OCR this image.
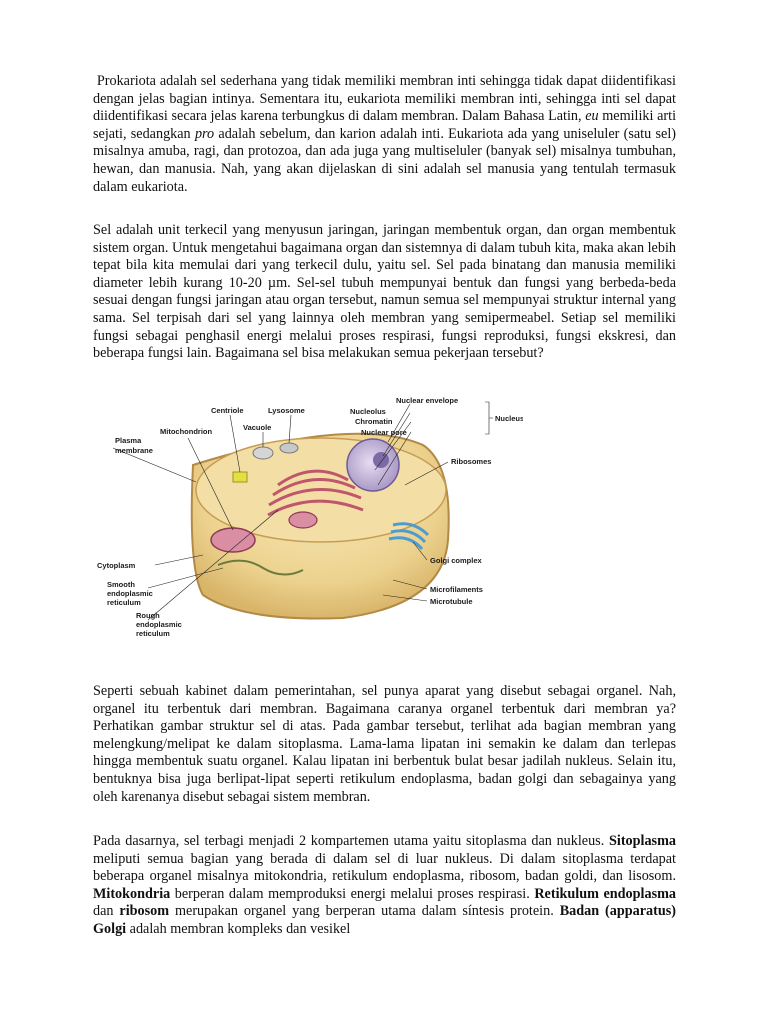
Prokariota adalah sel sederhana yang tidak memiliki membran inti sehingga tidak dapat diidentifikasi dengan jelas bagian intinya. Sementara itu, eukariota memiliki membran inti, sehingga inti sel dapat diidentifikasi secara jelas karena terbungkus di dalam membran. Dalam Bahasa Latin, eu memiliki arti sejati, sedangkan pro adalah sebelum, dan karion adalah inti. Eukariota ada yang uniseluler (satu sel) misalnya amuba, ragi, dan protozoa, dan ada juga yang multiseluler (banyak sel) misalnya tumbuhan, hewan, dan manusia. Nah, yang akan dijelaskan di sini adalah sel manusia yang tentulah termasuk dalam eukariota.

Sel adalah unit terkecil yang menyusun jaringan, jaringan membentuk organ, dan organ membentuk sistem organ. Untuk mengetahui bagaimana organ dan sistemnya di dalam tubuh kita, maka akan lebih tepat bila kita memulai dari yang terkecil dulu, yaitu sel. Sel pada binatang dan manusia memiliki diameter lebih kurang 10-20 µm. Sel-sel tubuh mempunyai bentuk dan fungsi yang berbeda-beda sesuai dengan fungsi jaringan atau organ tersebut, namun semua sel mempunyai struktur internal yang sama. Sel terpisah dari sel yang lainnya oleh membran yang semipermeabel. Setiap sel memiliki fungsi sebagai penghasil energi melalui proses respirasi, fungsi reproduksi, fungsi ekskresi, dan beberapa fungsi lain. Bagaimana sel bisa melakukan semua pekerjaan tersebut?

Centriole	Lysosome
Mitochondrion	Vacuole
Plasma
membrane
Nuclear envelope
Nucleolus
Chromatin
Nuclear pore
Nucleus
Ribosomes
Cytoplasm
Smooth
endoplasmic
reticulum
Rough
endoplasmic
reticulum
Golgi complex
Microfilaments
Microtubule

Seperti sebuah kabinet dalam pemerintahan, sel punya aparat yang disebut sebagai organel. Nah, organel itu terbentuk dari membran. Bagaimana caranya organel terbentuk dari membran ya? Perhatikan gambar struktur sel di atas. Pada gambar tersebut, terlihat ada bagian membran yang melengkung/melipat ke dalam sitoplasma. Lama-lama lipatan ini semakin ke dalam dan terlepas hingga membentuk suatu organel. Kalau lipatan ini berbentuk bulat besar jadilah nukleus. Selain itu, bentuknya bisa juga berlipat-lipat seperti retikulum endoplasma, badan golgi dan sebagainya yang oleh karenanya disebut sebagai sistem membran.

Pada dasarnya, sel terbagi menjadi 2 kompartemen utama yaitu sitoplasma dan nukleus. Sitoplasma meliputi semua bagian yang berada di dalam sel di luar nukleus. Di dalam sitoplasma terdapat beberapa organel misalnya mitokondria, retikulum endoplasma, ribosom, badan goldi, dan lisosom. Mitokondria berperan dalam memproduksi energi melalui proses respirasi. Retikulum endoplasma dan ribosom merupakan organel yang berperan utama dalam síntesis protein. Badan (apparatus) Golgi adalah membran kompleks dan vesikel
